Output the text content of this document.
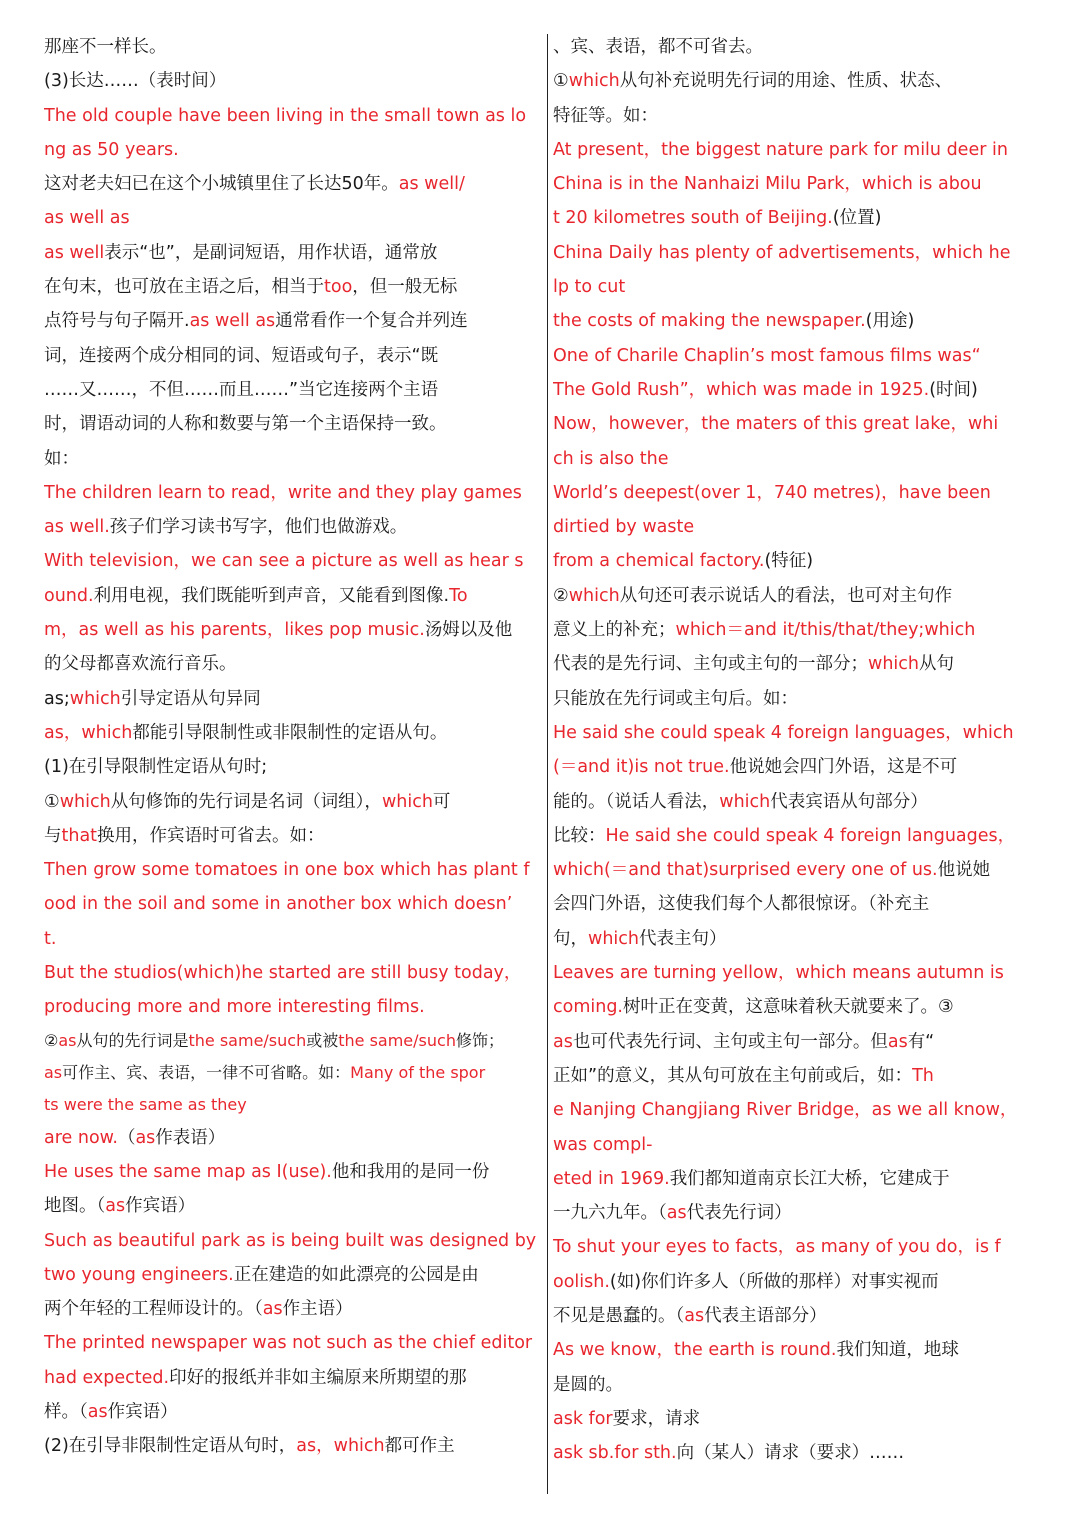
那座不一样长。
(3)长达……（表时间）
The old couple have been living in the small town as lo
ng as 50 years.
这对老夫妇已在这个小城镇里住了长达50年。as well/
as well as
as well表示“也”，是副词短语，用作状语，通常放
在句末，也可放在主语之后，相当于too，但一般无标
点符号与句子隔开.as well as通常看作一个复合并列连
词，连接两个成分相同的词、短语或句子，表示“既
……又……，不但……而且……”当它连接两个主语
时，谓语动词的人称和数要与第一个主语保持一致。
如：
The children learn to read，write and they play games
as well.孩子们学习读书写字，他们也做游戏。
With television，we can see a picture as well as hear s
ound.利用电视，我们既能听到声音，又能看到图像.To
m，as well as his parents，likes pop music.汤姆以及他
的父母都喜欢流行音乐。
as;which引导定语从句异同
as，which都能引导限制性或非限制性的定语从句。
(1)在引导限制性定语从句时;
①which从句修饰的先行词是名词（词组），which可
与that换用，作宾语时可省去。如：
Then grow some tomatoes in one box which has plant f
ood in the soil and some in another box which doesn’
t.
But the studios(which)he started are still busy today，
producing more and more interesting films.
②as从句的先行词是the same/such或被the same/such修饰；
as可作主、宾、表语，一律不可省略。如：Many of the spor
ts were the same as they
are now.（as作表语）
He uses the same map as I(use).他和我用的是同一份
地图。（as作宾语）
Such as beautiful park as is being built was designed by
two young engineers.正在建造的如此漂亮的公园是由
两个年轻的工程师设计的。（as作主语）
The printed newspaper was not such as the chief editor
had expected.印好的报纸并非如主编原来所期望的那
样。（as作宾语）
(2)在引导非限制性定语从句时，as，which都可作主
、宾、表语，都不可省去。
①which从句补充说明先行词的用途、性质、状态、
特征等。如：
At present，the biggest nature park for milu deer in
China is in the Nanhaizi Milu Park，which is abou
t 20 kilometres south of Beijing.(位置)
China Daily has plenty of advertisements，which he
lp to cut
the costs of making the newspaper.(用途)
One of Charile Chaplin’s most famous films was“
The Gold Rush”，which was made in 1925.(时间)
Now，however，the maters of this great lake，whi
ch is also the
World’s deepest(over 1，740 metres)，have been
dirtied by waste
from a chemical factory.(特征)
②which从句还可表示说话人的看法，也可对主句作
意义上的补充；which＝and it/this/that/they;which
代表的是先行词、主句或主句的一部分；which从句
只能放在先行词或主句后。如：
He said she could speak 4 foreign languages，which
(＝and it)is not true.他说她会四门外语，这是不可
能的。（说话人看法，which代表宾语从句部分）
比较：He said she could speak 4 foreign languages，
which(＝and that)surprised every one of us.他说她
会四门外语，这使我们每个人都很惊讶。（补充主
句，which代表主句）
Leaves are turning yellow，which means autumn is
coming.树叶正在变黄，这意味着秋天就要来了。③
as也可代表先行词、主句或主句一部分。但as有“
正如”的意义，其从句可放在主句前或后，如：Th
e Nanjing Changjiang River Bridge，as we all know，
was compl-
eted in 1969.我们都知道南京长江大桥，它建成于
一九六九年。（as代表先行词）
To shut your eyes to facts，as many of you do，is f
oolish.(如)你们许多人（所做的那样）对事实视而
不见是愚蠢的。（as代表主语部分）
As we know，the earth is round.我们知道，地球
是圆的。
ask for要求，请求
ask sb.for sth.向（某人）请求（要求）……
